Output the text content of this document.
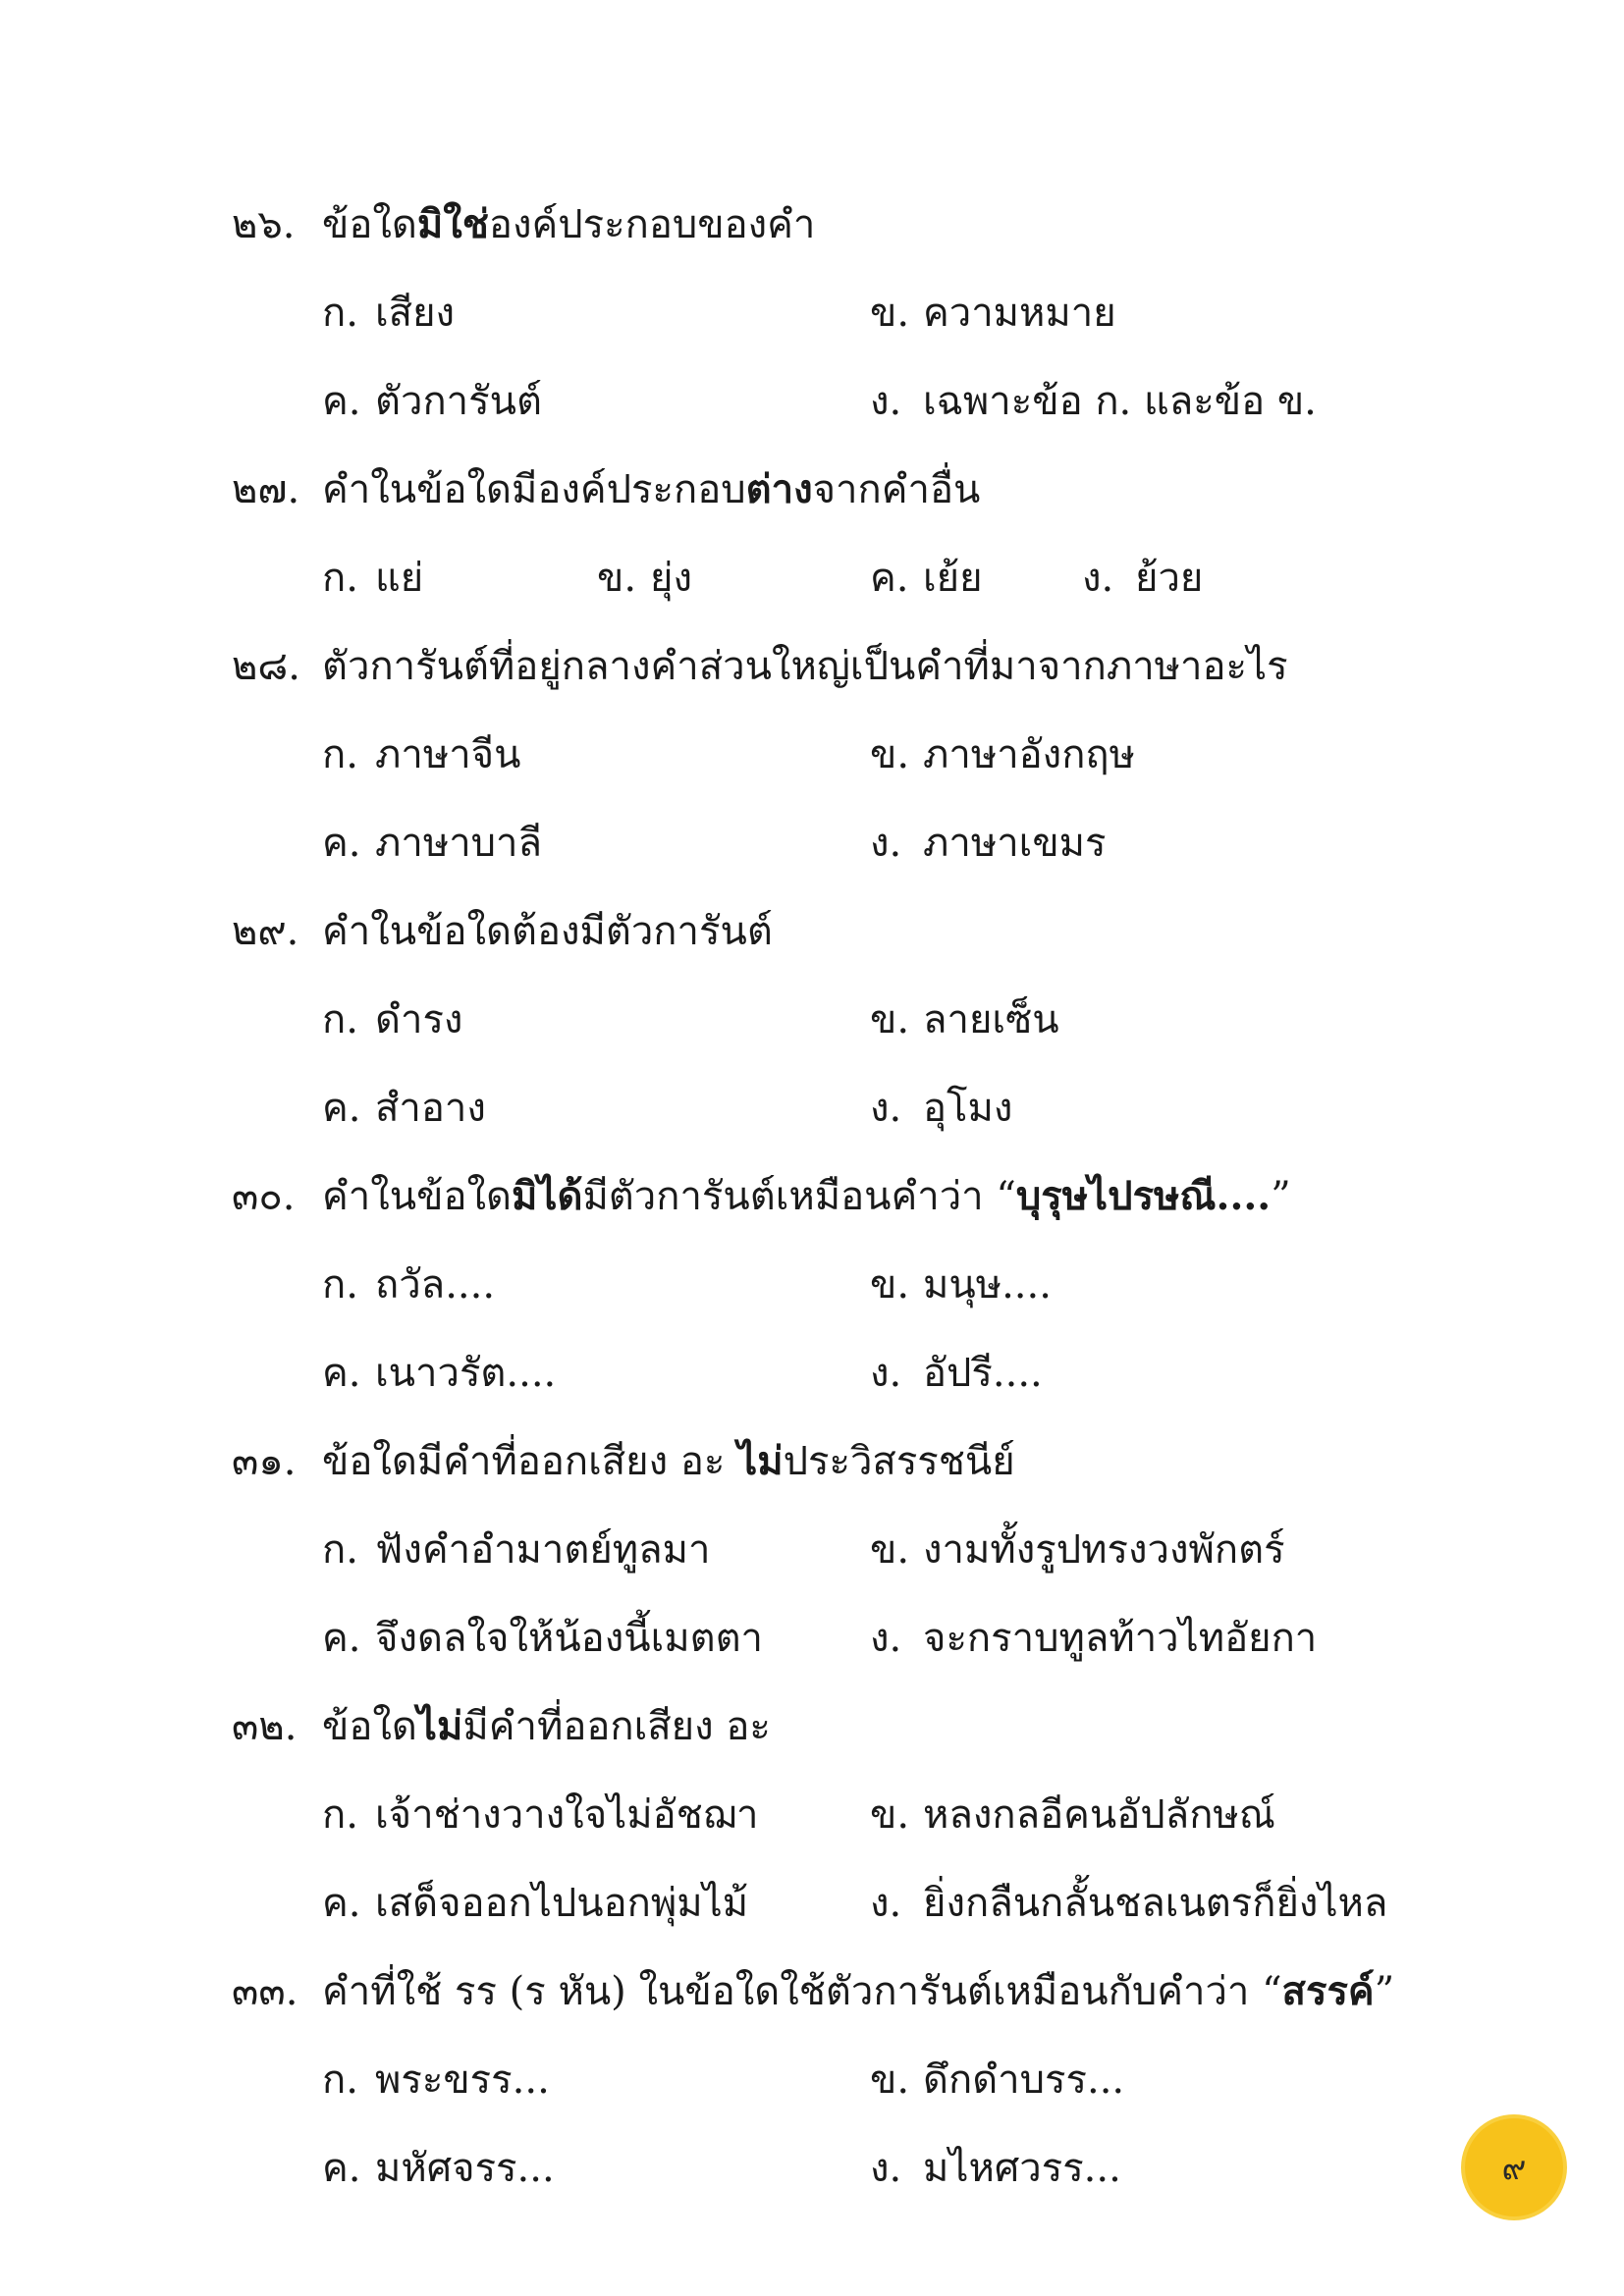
๒๖. ข้อใดมิใช่องค์ประกอบของคำ
ก. เสียง	ข. ความหมาย
ค. ตัวการันต์	ง. เฉพาะข้อ ก. และข้อ ข.
๒๗. คำในข้อใดมีองค์ประกอบต่างจากคำอื่น
ก. แย่	ข. ยุ่ง	ค. เย้ย	ง. ย้วย
๒๘. ตัวการันต์ที่อยู่กลางคำส่วนใหญ่เป็นคำที่มาจากภาษาอะไร
ก. ภาษาจีน	ข. ภาษาอังกฤษ
ค. ภาษาบาลี	ง. ภาษาเขมร
๒๙. คำในข้อใดต้องมีตัวการันต์
ก. ดำรง	ข. ลายเซ็น
ค. สำอาง	ง. อุโมง
๓๐. คำในข้อใดมิได้มีตัวการันต์เหมือนคำว่า “บุรุษไปรษณี....”
ก. ถวัล....	ข. มนุษ....
ค. เนาวรัต....	ง. อัปรี....
๓๑. ข้อใดมีคำที่ออกเสียง อะ ไม่ประวิสรรชนีย์
ก. ฟังคำอำมาตย์ทูลมา	ข. งามทั้งรูปทรงวงพักตร์
ค. จึงดลใจให้น้องนี้เมตตา	ง. จะกราบทูลท้าวไทอัยกา
๓๒. ข้อใดไม่มีคำที่ออกเสียง อะ
ก. เจ้าช่างวางใจไม่อัชฌา	ข. หลงกลอีคนอัปลักษณ์
ค. เสด็จออกไปนอกพุ่มไม้	ง. ยิ่งกลืนกลั้นชลเนตรก็ยิ่งไหล
๓๓. คำที่ใช้ รร (ร หัน) ในข้อใดใช้ตัวการันต์เหมือนกับคำว่า “สรรค์”
ก. พระขรร...	ข. ดึกดำบรร...
ค. มหัศจรร...	ง. มไหศวรร...	๙
